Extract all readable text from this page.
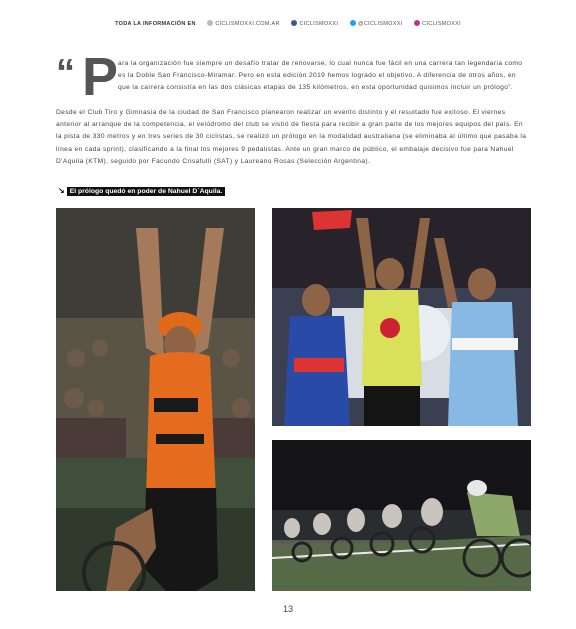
TODA LA INFORMACIÓN EN	CICLISMOXXI.COM.AR	CICLISMOXXI	@CICLISMOXXI	CICLISMOXXI
“ P ara la organización fue siempre un desafío tratar de renovarse, lo cual nunca fue fácil en una carrera tan legendaria como es la Doble San Francisco-Miramar. Pero en esta edición 2019 hemos logrado el objetivo. A diferencia de otros años, en que la carrera consistía en las dos clásicas etapas de 135 kilómetros, en esta oportunidad quisimos incluir un prólogo”.
Desde el Club Tiro y Gimnasia de la ciudad de San Francisco planearon realizar un evento distinto y el resultado fue exitoso. El viernes anterior al arranque de la competencia, el velódromo del club se vistió de fiesta para recibir a gran parte de los mejores equipos del país. En la pista de 330 metros y en tres series de 30 ciclistas, se realizó un prólogo en la modalidad australiana (se eliminaba al último que pasaba la línea en cada sprint), clasificando a la final los mejores 9 pedalistas. Ante un gran marco de público, el embalaje decisivo fue para Nahuel D'Aquila (KTM), seguido por Facundo Crisafulli (SAT) y Laureano Rosas (Selección Argentina).
↘ El prólogo quedó en poder de Nahuel D´Aquila.
13
